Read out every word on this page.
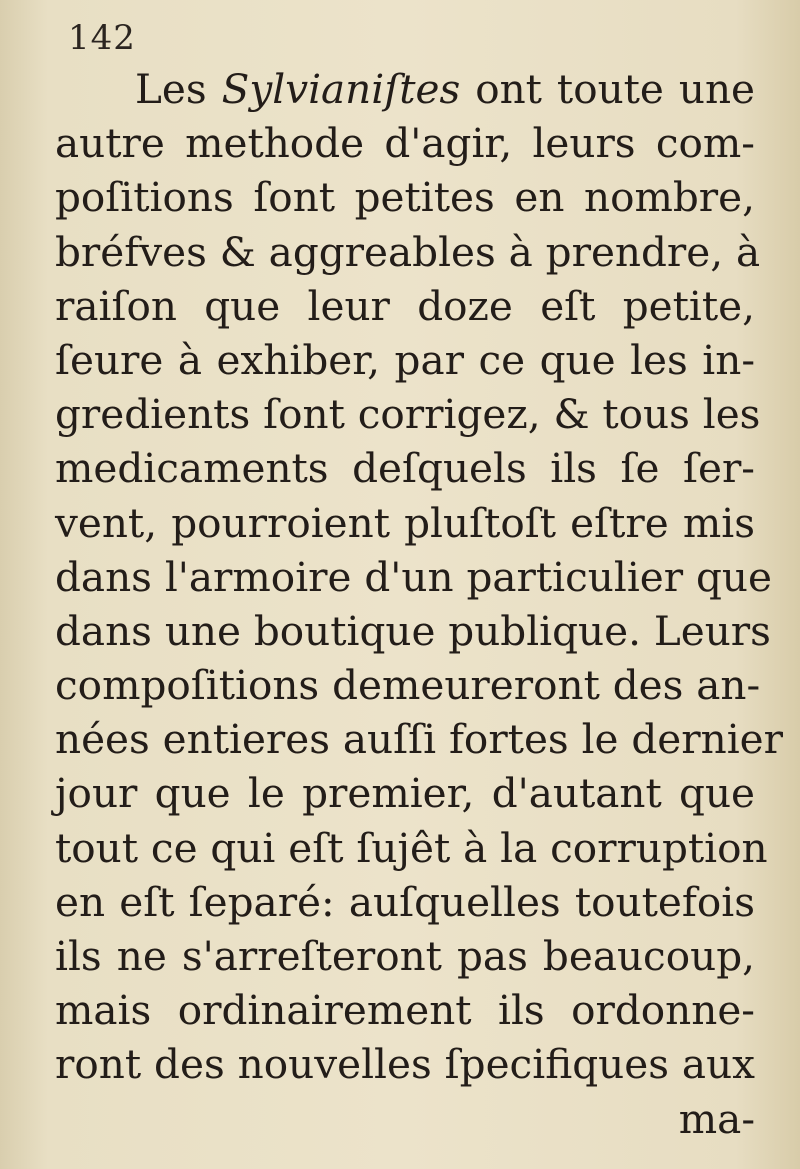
142
Les Sylvianiſtes ont toute une
autre methode d'agir, leurs com-
poſitions ſont petites en nombre,
bréfves & aggreables à prendre, à
raiſon que leur doze eſt petite,
ſeure à exhiber, par ce que les in-
gredients ſont corrigez, & tous les
medicaments deſquels ils ſe ſer-
vent, pourroient pluſtoſt eſtre mis
dans l'armoire d'un particulier que
dans une boutique publique. Leurs
compoſitions demeureront des an-
nées entieres auſſi fortes le dernier
jour que le premier, d'autant que
tout ce qui eſt ſujêt à la corruption
en eſt ſeparé: auſquelles toutefois
ils ne s'arreſteront pas beaucoup,
mais ordinairement ils ordonne-
ront des nouvelles ſpecifiques aux
ma-
